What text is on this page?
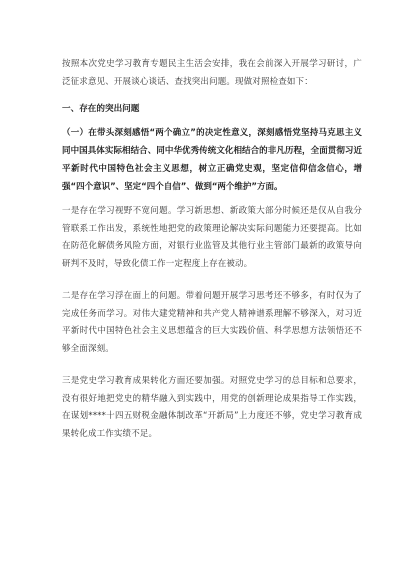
按照本次党史学习教育专题民主生活会安排，我在会前深入开展学习研讨，广泛征求意见、开展谈心谈话、查找突出问题。现做对照检查如下：

一、存在的突出问题

（一）在带头深刻感悟“两个确立”的决定性意义，深刻感悟党坚持马克思主义同中国具体实际相结合、同中华优秀传统文化相结合的非凡历程，全面贯彻习近平新时代中国特色社会主义思想，树立正确党史观，坚定信仰信念信心，增强“四个意识”、坚定“四个自信”、做到“两个维护”方面。

一是存在学习视野不宽问题。学习新思想、新政策大部分时候还是仅从自我分管联系工作出发，系统性地把党的政策理论解决实际问题能力还要提高。比如在防范化解债务风险方面，对银行业监管及其他行业主管部门最新的政策导向研判不及时，导致化债工作一定程度上存在被动。

二是存在学习浮在面上的问题。带着问题开展学习思考还不够多，有时仅为了完成任务而学习。对伟大建党精神和共产党人精神谱系理解不够深入，对习近平新时代中国特色社会主义思想蕴含的巨大实践价值、科学思想方法领悟还不够全面深刻。

三是党史学习教育成果转化方面还要加强。对照党史学习的总目标和总要求，没有很好地把党史的精华融入到实践中，用党的创新理论成果指导工作实践，在谋划****十四五财税金融体制改革“开新局”上力度还不够，党史学习教育成果转化成工作实绩不足。
